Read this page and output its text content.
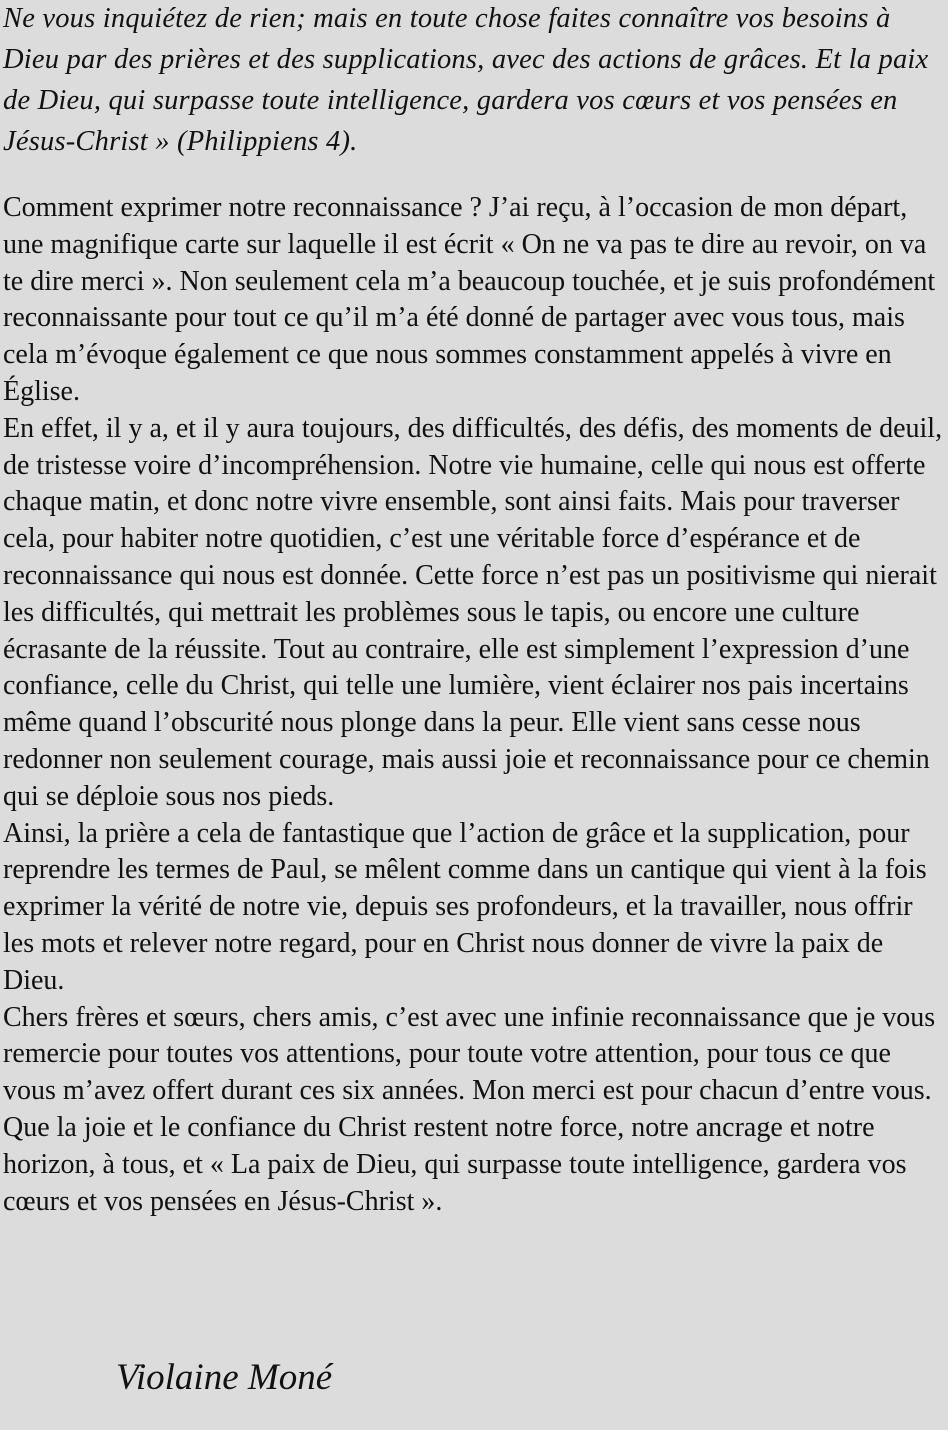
Ne vous inquiétez de rien; mais en toute chose faites connaître vos besoins à Dieu par des prières et des supplications, avec des actions de grâces. Et la paix de Dieu, qui surpasse toute intelligence, gardera vos cœurs et vos pensées en Jésus-Christ » (Philippiens 4).

Comment exprimer notre reconnaissance ? J’ai reçu, à l’occasion de mon départ, une magnifique carte sur laquelle il est écrit « On ne va pas te dire au revoir, on va te dire merci ». Non seulement cela m’a beaucoup touchée, et je suis profondément reconnaissante pour tout ce qu’il m’a été donné de partager avec vous tous, mais cela m’évoque également ce que nous sommes constamment appelés à vivre en Église.

En effet, il y a, et il y aura toujours, des difficultés, des défis, des moments de deuil, de tristesse voire d’incompréhension. Notre vie humaine, celle qui nous est offerte chaque matin, et donc notre vivre ensemble, sont ainsi faits. Mais pour traverser cela, pour habiter notre quotidien, c’est une véritable force d’espérance et de reconnaissance qui nous est donnée. Cette force n’est pas un positivisme qui nierait les difficultés, qui mettrait les problèmes sous le tapis, ou encore une culture écrasante de la réussite. Tout au contraire, elle est simplement l’expression d’une confiance, celle du Christ, qui telle une lumière, vient éclairer nos pais incertains même quand l’obscurité nous plonge dans la peur. Elle vient sans cesse nous redonner non seulement courage, mais aussi joie et reconnaissance pour ce chemin qui se déploie sous nos pieds.

Ainsi, la prière a cela de fantastique que l’action de grâce et la supplication, pour reprendre les termes de Paul, se mêlent comme dans un cantique qui vient à la fois exprimer la vérité de notre vie, depuis ses profondeurs, et la travailler, nous offrir les mots et relever notre regard, pour en Christ nous donner de vivre la paix de Dieu.

Chers frères et sœurs, chers amis, c’est avec une infinie reconnaissance que je vous remercie pour toutes vos attentions, pour toute votre attention, pour tous ce que vous m’avez offert durant ces six années. Mon merci est pour chacun d’entre vous. Que la joie et le confiance du Christ restent notre force, notre ancrage et notre horizon, à tous, et « La paix de Dieu, qui surpasse toute intelligence, gardera vos cœurs et vos pensées en Jésus-Christ ».

Violaine Moné
